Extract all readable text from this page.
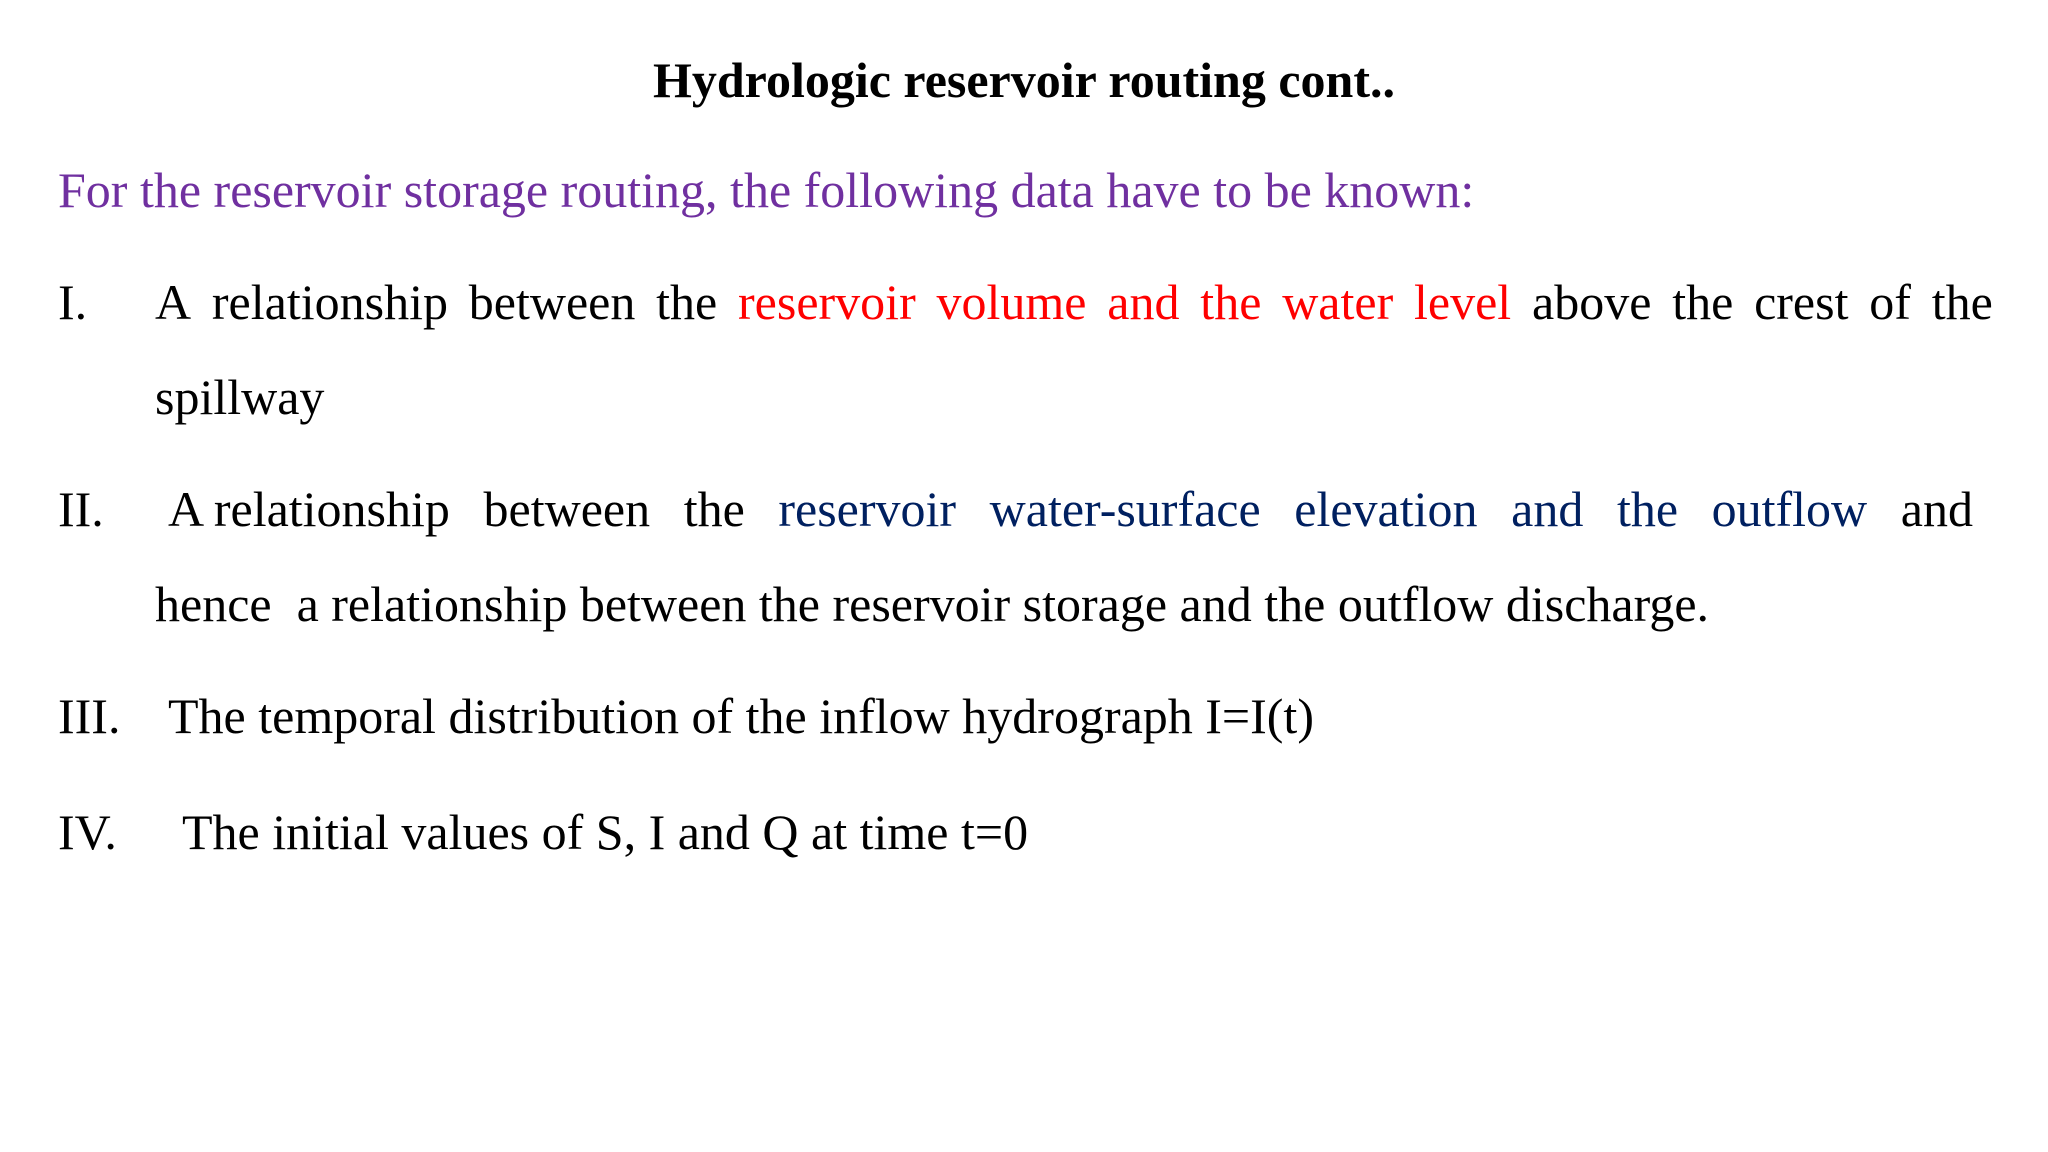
Hydrologic reservoir routing cont..
For the reservoir storage routing, the following data have to be known:
I. A relationship between the reservoir volume and the water level above the crest of the
spillway
II. A relationship between the reservoir water-surface elevation and the outflow and
hence  a relationship between the reservoir storage and the outflow discharge.
III. The temporal distribution of the inflow hydrograph I=I(t)
IV. The initial values of S, I and Q at time t=0
